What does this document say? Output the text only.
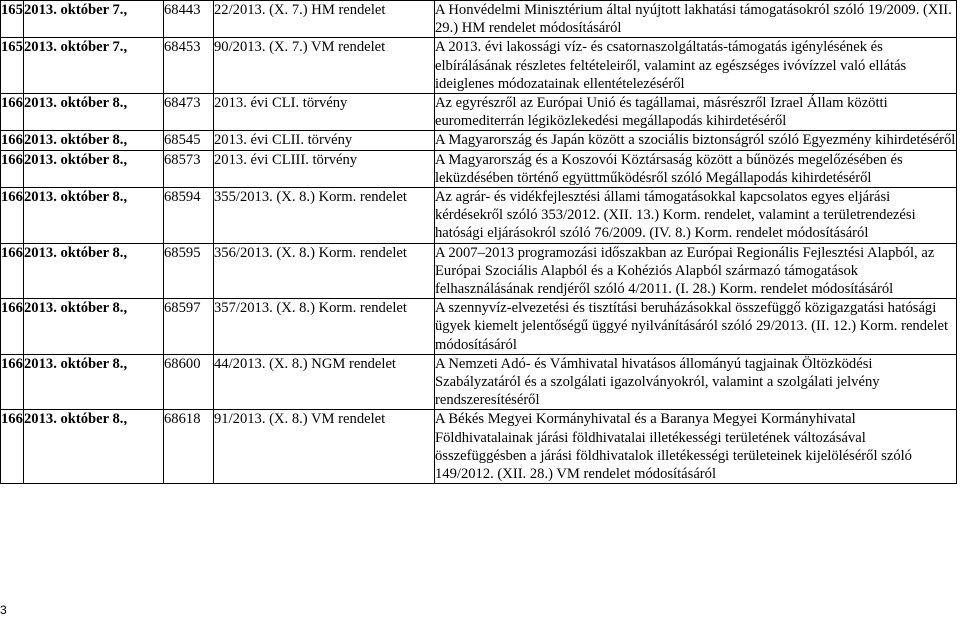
165	2013. október 7.,	68443	22/2013. (X. 7.) HM rendelet	A Honvédelmi Minisztérium által nyújtott lakhatási támogatásokról szóló 19/2009. (XII. 29.) HM rendelet módosításáról
165	2013. október 7.,	68453	90/2013. (X. 7.) VM rendelet	A 2013. évi lakossági víz- és csatornaszolgáltatás-támogatás igénylésének és elbírálásának részletes feltételeiről, valamint az egészséges ivóvízzel való ellátás ideiglenes módozatainak ellentételezéséről
166	2013. október 8.,	68473	2013. évi CLI. törvény	Az egyrészről az Európai Unió és tagállamai, másrészről Izrael Állam közötti euromediterrán légiközlekedési megállapodás kihirdetéséről
166	2013. október 8.,	68545	2013. évi CLII. törvény	A Magyarország és Japán között a szociális biztonságról szóló Egyezmény kihirdetéséről
166	2013. október 8.,	68573	2013. évi CLIII. törvény	A Magyarország és a Koszovói Köztársaság között a bűnözés megelőzésében és leküzdésében történő együttműködésről szóló Megállapodás kihirdetéséről
166	2013. október 8.,	68594	355/2013. (X. 8.) Korm. rendelet	Az agrár- és vidékfejlesztési állami támogatásokkal kapcsolatos egyes eljárási kérdésekről szóló 353/2012. (XII. 13.) Korm. rendelet, valamint a területrendezési hatósági eljárásokról szóló 76/2009. (IV. 8.) Korm. rendelet módosításáról
166	2013. október 8.,	68595	356/2013. (X. 8.) Korm. rendelet	A 2007–2013 programozási időszakban az Európai Regionális Fejlesztési Alapból, az Európai Szociális Alapból és a Kohéziós Alapból származó támogatások felhasználásának rendjéről szóló 4/2011. (I. 28.) Korm. rendelet módosításáról
166	2013. október 8.,	68597	357/2013. (X. 8.) Korm. rendelet	A szennyvíz-elvezetési és tisztítási beruházásokkal összefüggő közigazgatási hatósági ügyek kiemelt jelentőségű üggyé nyilvánításáról szóló 29/2013. (II. 12.) Korm. rendelet módosításáról
166	2013. október 8.,	68600	44/2013. (X. 8.) NGM rendelet	A Nemzeti Adó- és Vámhivatal hivatásos állományú tagjainak Öltözködési Szabályzatáról és a szolgálati igazolványokról, valamint a szolgálati jelvény rendszeresítéséről
166	2013. október 8.,	68618	91/2013. (X. 8.) VM rendelet	A Békés Megyei Kormányhivatal és a Baranya Megyei Kormányhivatal Földhivatalainak járási földhivatalai illetékességi területének változásával összefüggésben a járási földhivatalok illetékességi területeinek kijelöléséről szóló 149/2012. (XII. 28.) VM rendelet módosításáról
3
